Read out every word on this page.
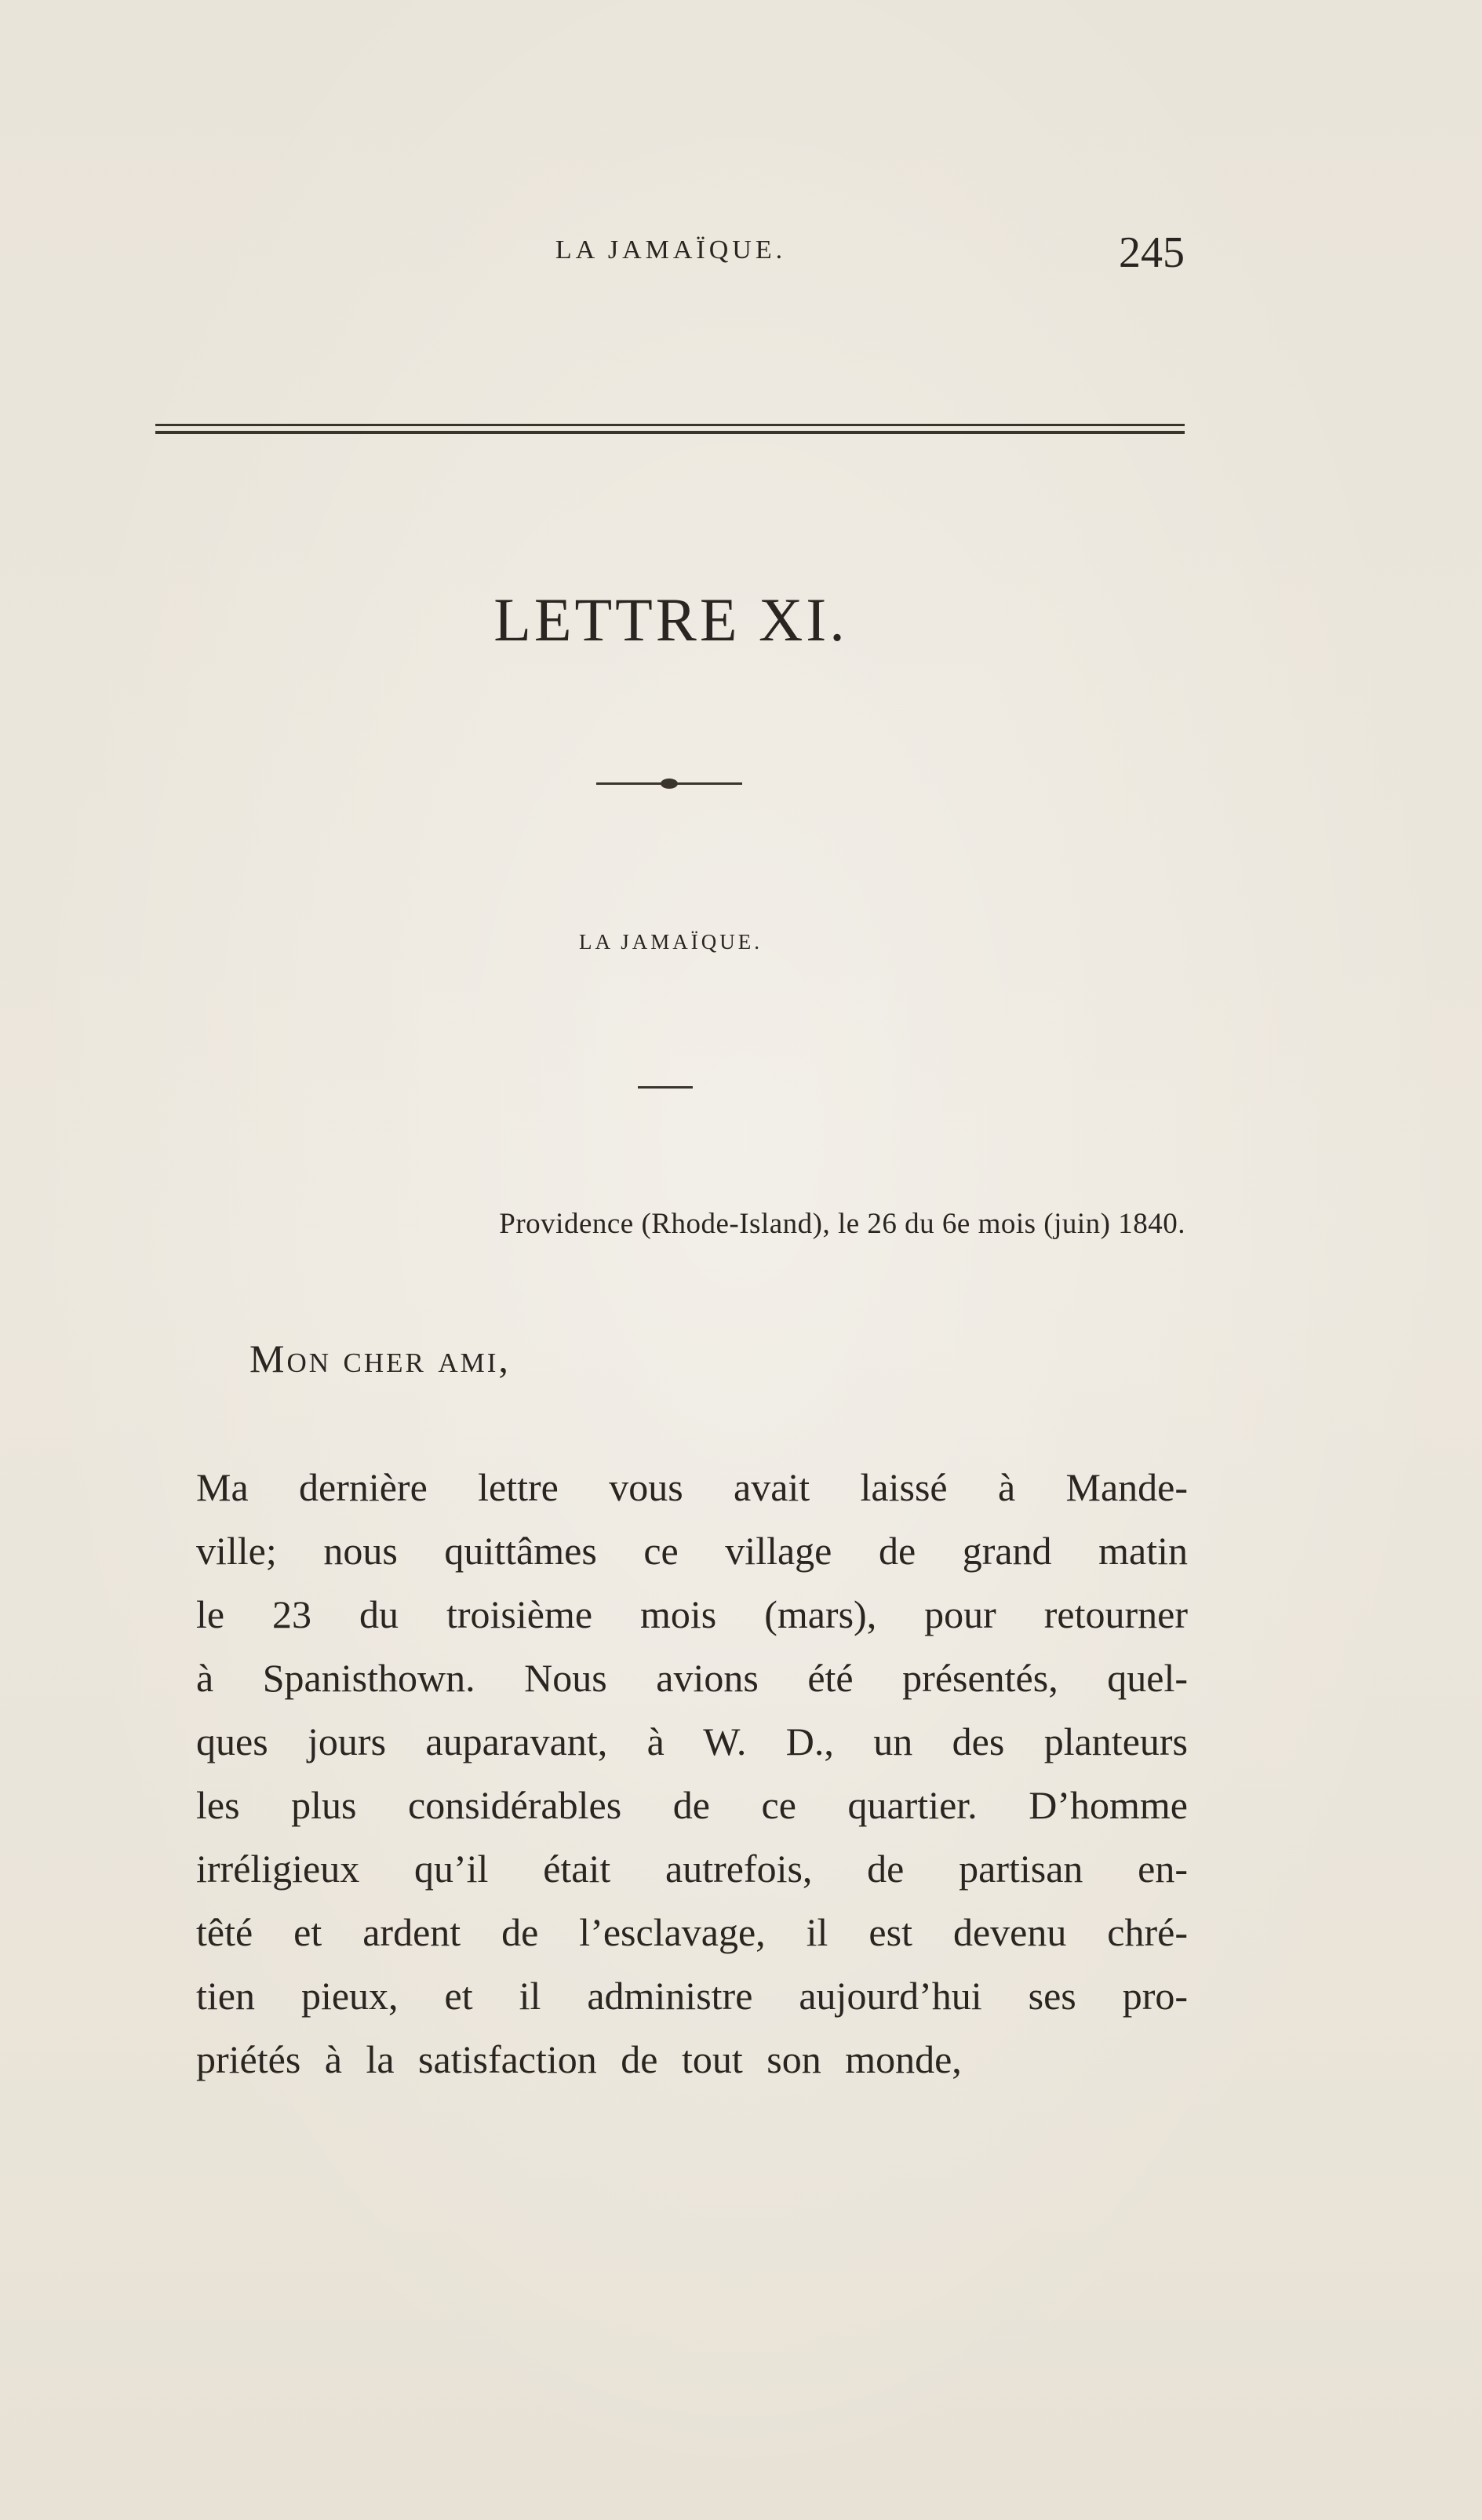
LA JAMAÏQUE.	245
LETTRE XI.
LA JAMAÏQUE.
Providence (Rhode-Island), le 26 du 6e mois (juin) 1840.
Mon cher ami,
Ma dernière lettre vous avait laissé à Mande-
ville; nous quittâmes ce village de grand matin
le 23 du troisième mois (mars), pour retourner
à Spanisthown. Nous avions été présentés, quel-
ques jours auparavant, à W. D., un des planteurs
les plus considérables de ce quartier. D’homme
irréligieux qu’il était autrefois, de partisan en-
têté et ardent de l’esclavage, il est devenu chré-
tien pieux, et il administre aujourd’hui ses pro-
priétés à la satisfaction de tout son monde,
